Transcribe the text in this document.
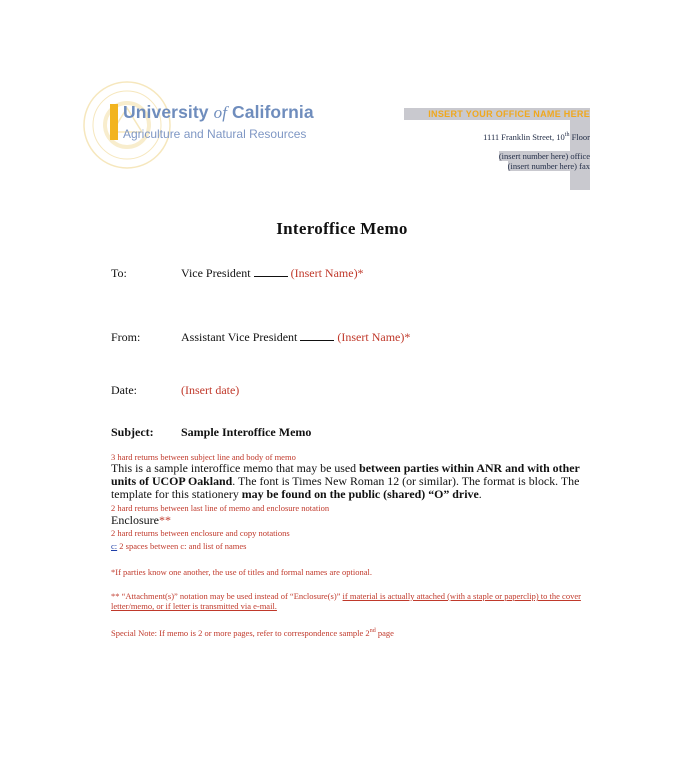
University of California
Agriculture and Natural Resources
INSERT YOUR OFFICE NAME HERE
1111 Franklin Street, 10th Floor
(insert number here) office
(insert number here) fax
Interoffice Memo
To:	Vice President	(Insert Name)*
From:	Assistant Vice President	(Insert Name)*
Date:	(Insert date)
Subject: Sample Interoffice Memo
3 hard returns between subject line and body of memo
This is a sample interoffice memo that may be used between parties within ANR and with other units of UCOP Oakland. The font is Times New Roman 12 (or similar). The format is block. The template for this stationery may be found on the public (shared) “O” drive.
2 hard returns between last line of memo and enclosure notation
Enclosure**
2 hard returns between enclosure and copy notations
c: 2 spaces between c: and list of names
*If parties know one another, the use of titles and formal names are optional.
** “Attachment(s)” notation may be used instead of “Enclosure(s)” if material is actually attached (with a staple or paperclip) to the cover letter/memo, or if letter is transmitted via e-mail.
Special Note: If memo is 2 or more pages, refer to correspondence sample 2nd page
